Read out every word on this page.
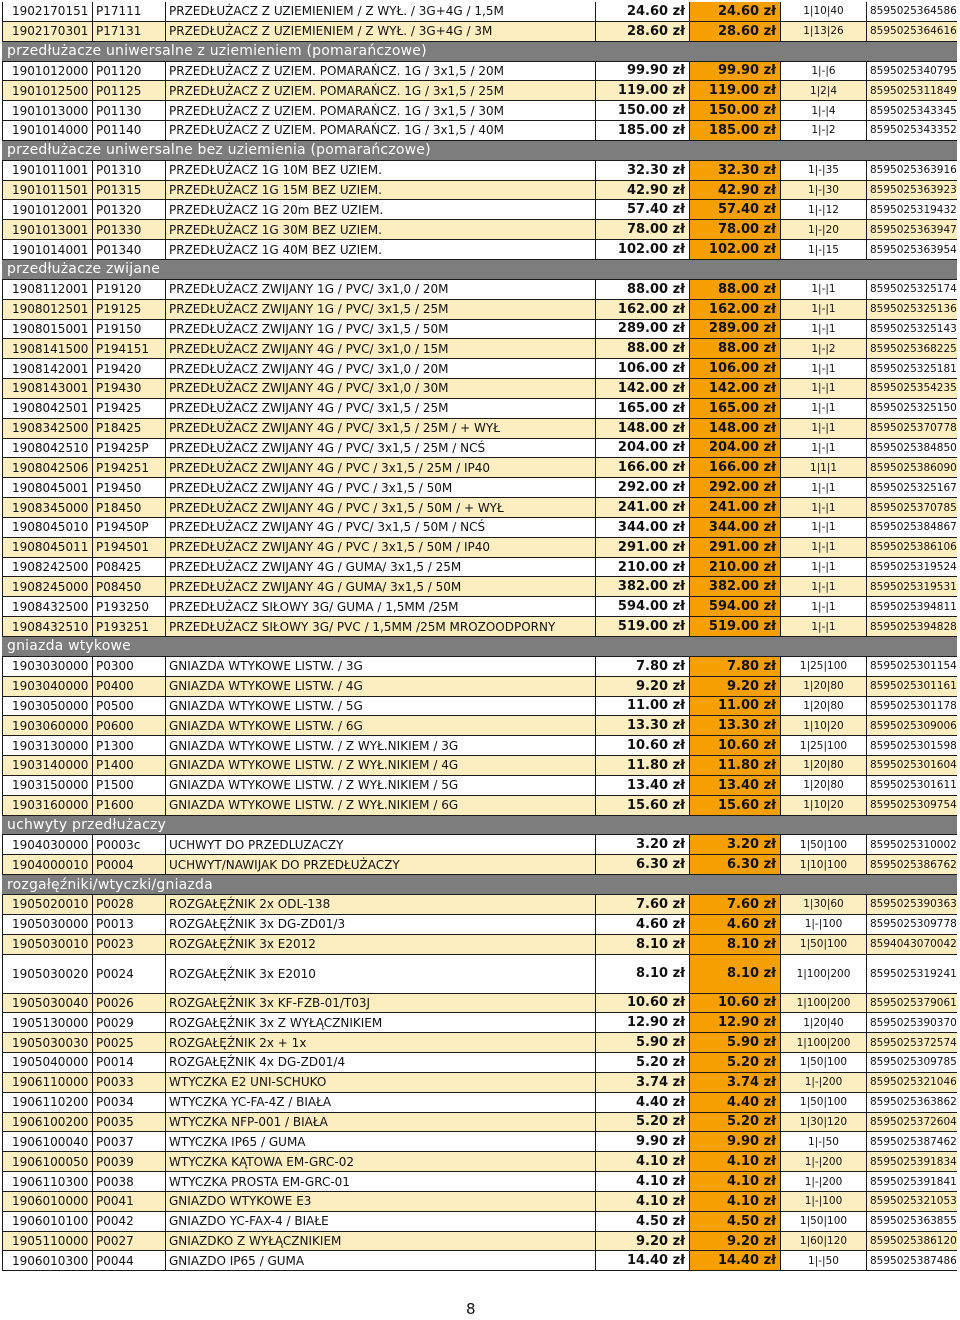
1902170151 P17111	PRZEDŁUŻACZ Z UZIEMIENIEM / Z WYŁ. / 3G+4G / 1,5M	24.60 zł	24.60 zł	1|10|40	8595025364586
1902170301 P17131	PRZEDŁUŻACZ Z UZIEMIENIEM / Z WYŁ. / 3G+4G / 3M	28.60 zł	28.60 zł	1|13|26	8595025364616
przedłużacze uniwersalne z uziemieniem (pomarańczowe)
1901012000 P01120	PRZEDŁUŻACZ Z UZIEM. POMARAŃCZ. 1G / 3x1,5 / 20M	99.90 zł	99.90 zł	1|-|6	8595025340795
1901012500 P01125	PRZEDŁUŻACZ Z UZIEM. POMARAŃCZ. 1G / 3x1,5 / 25M	119.00 zł	119.00 zł	1|2|4	8595025311849
1901013000 P01130	PRZEDŁUŻACZ Z UZIEM. POMARAŃCZ. 1G / 3x1,5 / 30M	150.00 zł	150.00 zł	1|-|4	8595025343345
1901014000 P01140	PRZEDŁUŻACZ Z UZIEM. POMARAŃCZ. 1G / 3x1,5 / 40M	185.00 zł	185.00 zł	1|-|2	8595025343352
przedłużacze uniwersalne bez uziemienia (pomarańczowe)
1901011001 P01310	PRZEDŁUŻACZ 1G 10M BEZ UZIEM.	32.30 zł	32.30 zł	1|-|35	8595025363916
1901011501 P01315	PRZEDŁUŻACZ 1G 15M BEZ UZIEM.	42.90 zł	42.90 zł	1|-|30	8595025363923
1901012001 P01320	PRZEDŁUŻACZ 1G 20m BEZ UZIEM.	57.40 zł	57.40 zł	1|-|12	8595025319432
1901013001 P01330	PRZEDŁUŻACZ 1G 30M BEZ UZIEM.	78.00 zł	78.00 zł	1|-|20	8595025363947
1901014001 P01340	PRZEDŁUŻACZ 1G 40M BEZ UZIEM.	102.00 zł	102.00 zł	1|-|15	8595025363954
przedłużacze zwijane
1908112001 P19120	PRZEDŁUŻACZ ZWIJANY 1G / PVC/ 3x1,0 / 20M	88.00 zł	88.00 zł	1|-|1	8595025325174
1908012501 P19125	PRZEDŁUŻACZ ZWIJANY 1G / PVC/ 3x1,5 / 25M	162.00 zł	162.00 zł	1|-|1	8595025325136
1908015001 P19150	PRZEDŁUŻACZ ZWIJANY 1G / PVC/ 3x1,5 / 50M	289.00 zł	289.00 zł	1|-|1	8595025325143
1908141500 P194151	PRZEDŁUŻACZ ZWIJANY 4G / PVC/ 3x1,0 / 15M	88.00 zł	88.00 zł	1|-|2	8595025368225
1908142001 P19420	PRZEDŁUŻACZ ZWIJANY 4G / PVC/ 3x1,0 / 20M	106.00 zł	106.00 zł	1|-|1	8595025325181
1908143001 P19430	PRZEDŁUŻACZ ZWIJANY 4G / PVC/ 3x1,0 / 30M	142.00 zł	142.00 zł	1|-|1	8595025354235
1908042501 P19425	PRZEDŁUŻACZ ZWIJANY 4G / PVC/ 3x1,5 / 25M	165.00 zł	165.00 zł	1|-|1	8595025325150
1908342500 P18425	PRZEDŁUŻACZ ZWIJANY 4G / PVC/ 3x1,5 / 25M / + WYŁ	148.00 zł	148.00 zł	1|-|1	8595025370778
1908042510 P19425P	PRZEDŁUŻACZ ZWIJANY 4G / PVC/ 3x1,5 / 25M / NCŚ	204.00 zł	204.00 zł	1|-|1	8595025384850
1908042506 P194251	PRZEDŁUŻACZ ZWIJANY 4G / PVC / 3x1,5 / 25M / IP40	166.00 zł	166.00 zł	1|1|1	8595025386090
1908045001 P19450	PRZEDŁUŻACZ ZWIJANY 4G / PVC / 3x1,5 / 50M	292.00 zł	292.00 zł	1|-|1	8595025325167
1908345000 P18450	PRZEDŁUŻACZ ZWIJANY 4G / PVC / 3x1,5 / 50M / + WYŁ	241.00 zł	241.00 zł	1|-|1	8595025370785
1908045010 P19450P	PRZEDŁUŻACZ ZWIJANY 4G / PVC/ 3x1,5 / 50M / NCŚ	344.00 zł	344.00 zł	1|-|1	8595025384867
1908045011 P194501	PRZEDŁUŻACZ ZWIJANY 4G / PVC / 3x1,5 / 50M / IP40	291.00 zł	291.00 zł	1|-|1	8595025386106
1908242500 P08425	PRZEDŁUŻACZ ZWIJANY 4G / GUMA/ 3x1,5 / 25M	210.00 zł	210.00 zł	1|-|1	8595025319524
1908245000 P08450	PRZEDŁUŻACZ ZWIJANY 4G / GUMA/ 3x1,5 / 50M	382.00 zł	382.00 zł	1|-|1	8595025319531
1908432500 P193250	PRZEDŁUŻACZ SIŁOWY 3G/ GUMA / 1,5MM /25M	594.00 zł	594.00 zł	1|-|1	8595025394811
1908432510 P193251	PRZEDŁUŻACZ SIŁOWY 3G/ PVC / 1,5MM /25M MROZOODPORNY	519.00 zł	519.00 zł	1|-|1	8595025394828
gniazda wtykowe
1903030000 P0300	GNIAZDA WTYKOWE LISTW. / 3G	7.80 zł	7.80 zł	1|25|100	8595025301154
1903040000 P0400	GNIAZDA WTYKOWE LISTW. / 4G	9.20 zł	9.20 zł	1|20|80	8595025301161
1903050000 P0500	GNIAZDA WTYKOWE LISTW. / 5G	11.00 zł	11.00 zł	1|20|80	8595025301178
1903060000 P0600	GNIAZDA WTYKOWE LISTW. / 6G	13.30 zł	13.30 zł	1|10|20	8595025309006
1903130000 P1300	GNIAZDA WTYKOWE LISTW. / Z WYŁ.NIKIEM / 3G	10.60 zł	10.60 zł	1|25|100	8595025301598
1903140000 P1400	GNIAZDA WTYKOWE LISTW. / Z WYŁ.NIKIEM / 4G	11.80 zł	11.80 zł	1|20|80	8595025301604
1903150000 P1500	GNIAZDA WTYKOWE LISTW. / Z WYŁ.NIKIEM / 5G	13.40 zł	13.40 zł	1|20|80	8595025301611
1903160000 P1600	GNIAZDA WTYKOWE LISTW. / Z WYŁ.NIKIEM / 6G	15.60 zł	15.60 zł	1|10|20	8595025309754
uchwyty przedłużaczy
1904030000 P0003c	UCHWYT DO PRZEDLUZACZY	3.20 zł	3.20 zł	1|50|100	8595025310002
1904000010 P0004	UCHWYT/NAWIJAK DO PRZEDŁUŻACZY	6.30 zł	6.30 zł	1|10|100	8595025386762
rozgałęźniki/wtyczki/gniazda
1905020010 P0028	ROZGAŁĘŹNIK 2x ODL-138	7.60 zł	7.60 zł	1|30|60	8595025390363
1905030000 P0013	ROZGAŁĘŹNIK 3x DG-ZD01/3	4.60 zł	4.60 zł	1|-|100	8595025309778
1905030010 P0023	ROZGAŁĘŹNIK 3x E2012	8.10 zł	8.10 zł	1|50|100	8594043070042
1905030020 P0024	ROZGAŁĘŹNIK 3x E2010	8.10 zł	8.10 zł	1|100|200	8595025319241
1905030040 P0026	ROZGAŁĘŹNIK 3x KF-FZB-01/T03J	10.60 zł	10.60 zł	1|100|200	8595025379061
1905130000 P0029	ROZGAŁĘŹNIK 3x Z WYŁĄCZNIKIEM	12.90 zł	12.90 zł	1|20|40	8595025390370
1905030030 P0025	ROZGAŁĘŹNIK 2x + 1x	5.90 zł	5.90 zł	1|100|200	8595025372574
1905040000 P0014	ROZGAŁĘŹNIK 4x DG-ZD01/4	5.20 zł	5.20 zł	1|50|100	8595025309785
1906110000 P0033	WTYCZKA E2 UNI-SCHUKO	3.74 zł	3.74 zł	1|-|200	8595025321046
1906110200 P0034	WTYCZKA YC-FA-4Z / BIAŁA	4.40 zł	4.40 zł	1|50|100	8595025363862
1906100200 P0035	WTYCZKA NFP-001 / BIAŁA	5.20 zł	5.20 zł	1|30|120	8595025372604
1906100040 P0037	WTYCZKA IP65 / GUMA	9.90 zł	9.90 zł	1|-|50	8595025387462
1906100050 P0039	WTYCZKA KĄTOWA EM-GRC-02	4.10 zł	4.10 zł	1|-|200	8595025391834
1906110300 P0038	WTYCZKA PROSTA EM-GRC-01	4.10 zł	4.10 zł	1|-|200	8595025391841
1906010000 P0041	GNIAZDO WTYKOWE E3	4.10 zł	4.10 zł	1|-|100	8595025321053
1906010100 P0042	GNIAZDO YC-FAX-4 / BIAŁE	4.50 zł	4.50 zł	1|50|100	8595025363855
1905110000 P0027	GNIAZDKO Z WYŁĄCZNIKIEM	9.20 zł	9.20 zł	1|60|120	8595025386120
1906010300 P0044	GNIAZDO IP65 / GUMA	14.40 zł	14.40 zł	1|-|50	8595025387486
8
